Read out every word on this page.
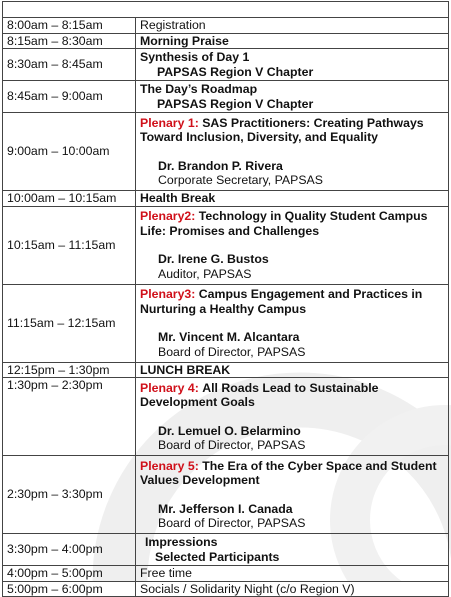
Day 2: June 19, 2025 (Thursday)	
8:00am – 8:15am	Registration
8:15am – 8:30am	Morning Praise
8:30am – 8:45am	Synthesis of Day 1
PAPSAS Region V Chapter

8:45am – 9:00am	The Day’s Roadmap
PAPSAS Region V Chapter

9:00am – 10:00am	Plenary 1: SAS Practitioners: Creating Pathways Toward Inclusion, Diversity, and Equality
Dr. Brandon P. Rivera
Corporate Secretary, PAPSAS

10:00am – 10:15am	Health Break
10:15am – 11:15am	Plenary2: Technology in Quality Student Campus Life: Promises and Challenges
Dr. Irene G. Bustos
Auditor, PAPSAS

11:15am – 12:15am	Plenary3: Campus Engagement and Practices in Nurturing a Healthy Campus
Mr. Vincent M. Alcantara
Board of Director, PAPSAS

12:15pm – 1:30pm	LUNCH BREAK
1:30pm – 2:30pm	Plenary 4: All Roads Lead to Sustainable Development Goals
Dr. Lemuel O. Belarmino
Board of Director, PAPSAS

2:30pm – 3:30pm	Plenary 5: The Era of the Cyber Space and Student Values Development
Mr. Jefferson I. Canada
Board of Director, PAPSAS

3:30pm – 4:00pm	Impressions
Selected Participants

4:00pm – 5:00pm	Free time
5:00pm – 6:00pm	Socials / Solidarity Night (c/o Region V)
